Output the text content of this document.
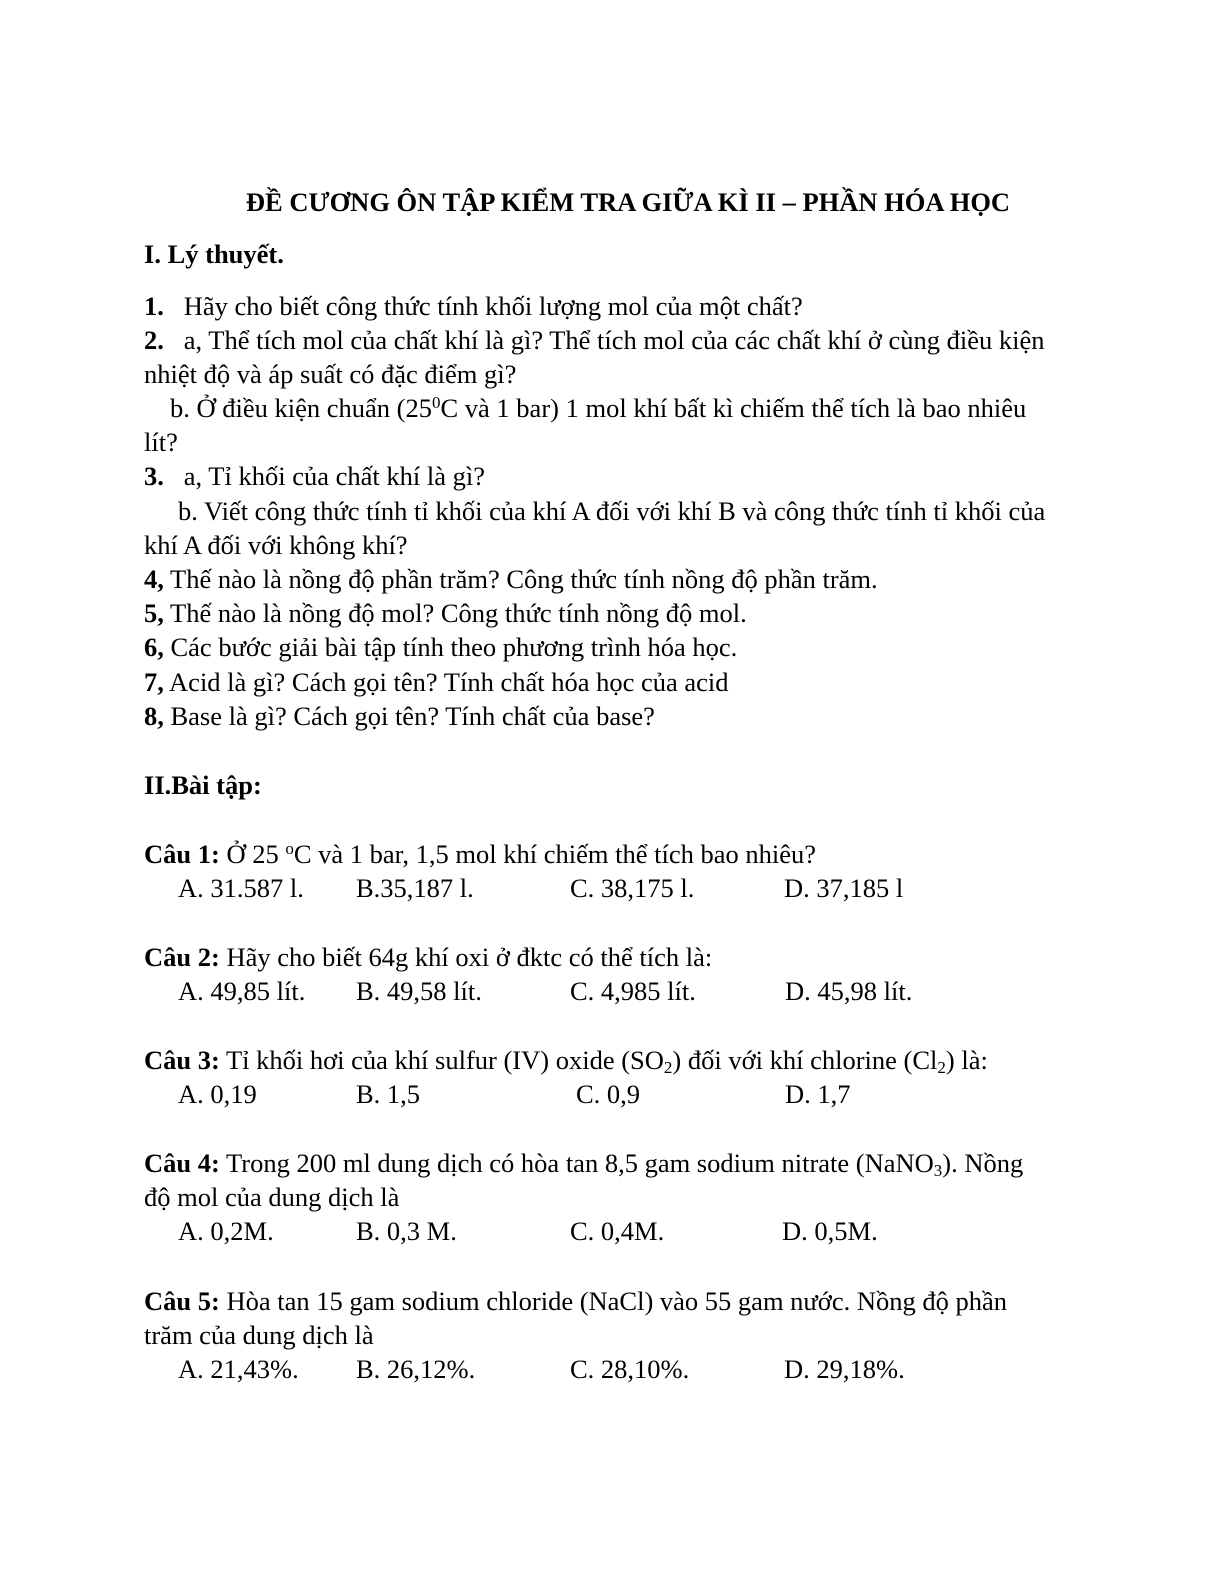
ĐỀ CƯƠNG ÔN TẬP KIỂM TRA GIỮA KÌ II – PHẦN HÓA HỌC
I. Lý thuyết.
1. Hãy cho biết công thức tính khối lượng mol của một chất?
2. a, Thể tích mol của chất khí là gì? Thể tích mol của các chất khí ở cùng điều kiện
nhiệt độ và áp suất có đặc điểm gì?
b. Ở điều kiện chuẩn ($25^0C$ và 1 bar) 1 mol khí bất kì chiếm thể tích là bao nhiêu
lít?
3. a, Tỉ khối của chất khí là gì?
b. Viết công thức tính tỉ khối của khí A đối với khí B và công thức tính tỉ khối của
khí A đối với không khí?
4, Thế nào là nồng độ phần trăm? Công thức tính nồng độ phần trăm.
5, Thế nào là nồng độ mol? Công thức tính nồng độ mol.
6, Các bước giải bài tập tính theo phương trình hóa học.
7, Acid là gì? Cách gọi tên? Tính chất hóa học của acid
8, Base là gì? Cách gọi tên? Tính chất của base?
II.Bài tập:
Câu 1: Ở 25 $^o$C và 1 bar, 1,5 mol khí chiếm thể tích bao nhiêu?
A. 31.587 l. B.35,187 l.	C. 38,175 l.	D. 37,185 l
Câu 2: Hãy cho biết 64g khí oxi ở đktc có thể tích là:
A. 49,85 lít. B. 49,58 lít.	C. 4,985 lít.	D. 45,98 lít.
Câu 3: Tỉ khối hơi của khí sulfur (IV) oxide $(SO_2)$ đối với khí chlorine $(Cl_2)$ là:
A. 0,19	B. 1,5	C. 0,9	D. 1,7
Câu 4: Trong 200 ml dung dịch có hòa tan 8,5 gam sodium nitrate (NaNO$_3$). Nồng
độ mol của dung dịch là
A. 0,2M.	B. 0,3 M.	C. 0,4M.	D. 0,5M.
Câu 5: Hòa tan 15 gam sodium chloride (NaCl) vào 55 gam nước. Nồng độ phần
trăm của dung dịch là
A. 21,43%. B. 26,12%.	C. 28,10%.	D. 29,18%.
